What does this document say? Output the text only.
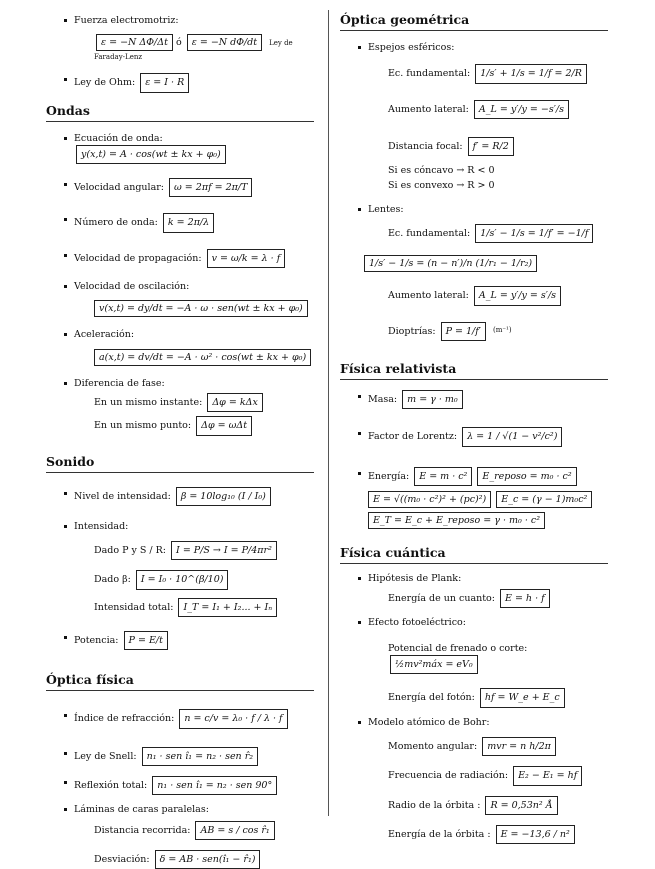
Fuerza electromotriz:
ε = −N ΔΦ/Δt ó ε = −N dΦ/dt Ley de Faraday-Lenz
Ley de Ohm: ε = I · R
Ondas
Ecuación de onda: y(x,t) = A · cos(wt ± kx + φ₀)
Velocidad angular: ω = 2πf = 2π/T
Número de onda: k = 2π/λ
Velocidad de propagación: v = ω/k = λ · f
Velocidad de oscilación:
v(x,t) = dy/dt = −A · ω · sen(wt ± kx + φ₀)
Aceleración:
a(x,t) = dv/dt = −A · ω² · cos(wt ± kx + φ₀)
Diferencia de fase:
En un mismo instante: Δφ = kΔx
En un mismo punto: Δφ = ωΔt
Sonido
Nivel de intensidad: β = 10log₁₀ (I / I₀)
Intensidad:
Dado P y S / R: I = P/S → I = P/4πr²
Dado β: I = I₀ · 10^(β/10)
Intensidad total: I_T = I₁ + I₂... + Iₙ
Potencia: P = E/t
Óptica física
Índice de refracción: n = c/v = λ₀ · f / λ · f
Ley de Snell: n₁ · sen î₁ = n₂ · sen r̂₂
Reflexión total: n₁ · sen î₁ = n₂ · sen 90°
Láminas de caras paralelas:
Distancia recorrida: AB = s / cos r̂₁
Desviación: δ = AB · sen(î₁ − r̂₁)
Óptica geométrica
Espejos esféricos:
Ec. fundamental: 1/s′ + 1/s = 1/f = 2/R
Aumento lateral: A_L = y′/y = −s′/s
Distancia focal: f′ = R/2
Si es cóncavo → R < 0
Si es convexo → R > 0
Lentes:
Ec. fundamental: 1/s′ − 1/s = 1/f′ = −1/f
1/s′ − 1/s = (n − n′)/n (1/r₁ − 1/r₂)
Aumento lateral: A_L = y′/y = s′/s
Dioptrías: P = 1/f′ (m⁻¹)
Física relativista
Masa: m = γ · m₀
Factor de Lorentz: λ = 1 / √(1 − v²/c²)
Energía: E = m · c² E_reposo = m₀ · c²
E = √((m₀ · c²)² + (pc)²) E_c = (γ − 1)m₀c²
E_T = E_c + E_reposo = γ · m₀ · c²
Física cuántica
Hipótesis de Plank:
Energía de un cuanto: E = h · f
Efecto fotoeléctrico:
Potencial de frenado o corte: ½mv²máx = eV₀
Energía del fotón: hf = W_e + E_c
Modelo atómico de Bohr:
Momento angular: mvr = n h/2π
Frecuencia de radiación: E₂ − E₁ = hf
Radio de la órbita : R = 0,53n² Å
Energía de la órbita : E = −13,6 / n²
